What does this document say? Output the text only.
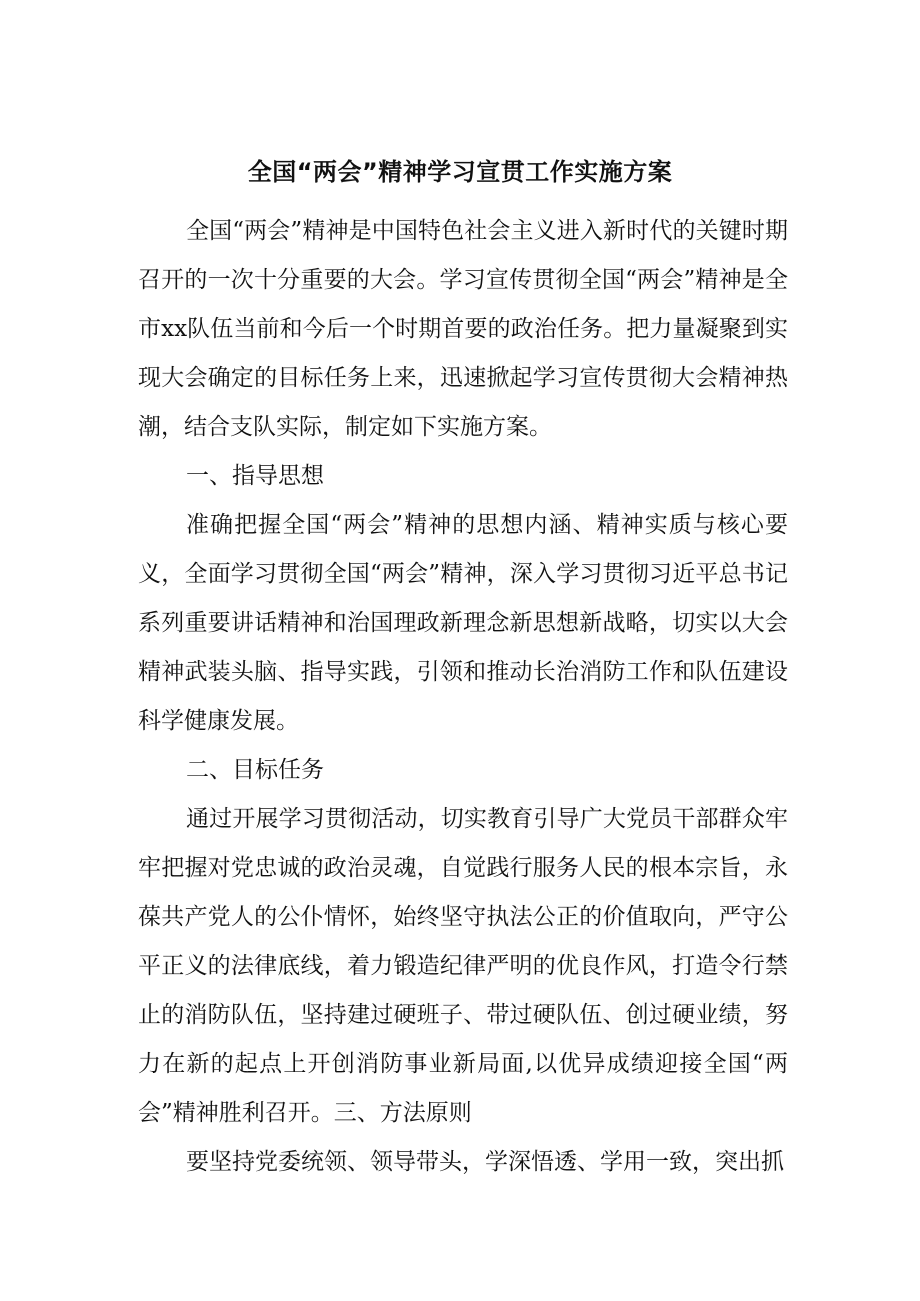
全国“两会”精神学习宣贯工作实施方案

全国“两会”精神是中国特色社会主义进入新时代的关键时期召开的一次十分重要的大会。学习宣传贯彻全国“两会”精神是全市xx队伍当前和今后一个时期首要的政治任务。把力量凝聚到实现大会确定的目标任务上来，迅速掀起学习宣传贯彻大会精神热潮，结合支队实际，制定如下实施方案。

一、指导思想

准确把握全国“两会”精神的思想内涵、精神实质与核心要义，全面学习贯彻全国“两会”精神，深入学习贯彻习近平总书记系列重要讲话精神和治国理政新理念新思想新战略，切实以大会精神武装头脑、指导实践，引领和推动长治消防工作和队伍建设科学健康发展。

二、目标任务

通过开展学习贯彻活动，切实教育引导广大党员干部群众牢牢把握对党忠诚的政治灵魂，自觉践行服务人民的根本宗旨，永葆共产党人的公仆情怀，始终坚守执法公正的价值取向，严守公平正义的法律底线，着力锻造纪律严明的优良作风，打造令行禁止的消防队伍，坚持建过硬班子、带过硬队伍、创过硬业绩，努力在新的起点上开创消防事业新局面,以优异成绩迎接全国“两会”精神胜利召开。三、方法原则

要坚持党委统领、领导带头，学深悟透、学用一致，突出抓
